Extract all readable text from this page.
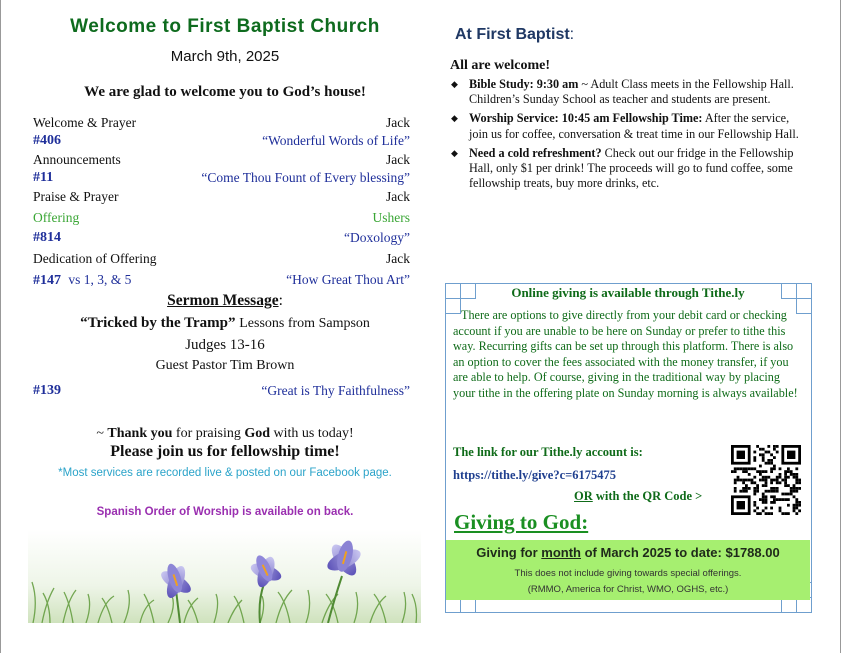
Welcome to First Baptist Church
March 9th, 2025
We are glad to welcome you to God’s house!
Welcome & Prayer	Jack
#406	“Wonderful Words of Life”
Announcements	Jack
#11	“Come Thou Fount of Every blessing”
Praise & Prayer	Jack
Offering	Ushers
#814	“Doxology”
Dedication of Offering	Jack
#147 vs 1, 3, & 5	“How Great Thou Art”
Sermon Message:
“Tricked by the Tramp” Lessons from Sampson
Judges 13-16
Guest Pastor Tim Brown
#139	“Great is Thy Faithfulness”
~ Thank you for praising God with us today!
Please join us for fellowship time!
*Most services are recorded live & posted on our Facebook page.
Spanish Order of Worship is available on back.
At First Baptist:
All are welcome!
◆ Bible Study: 9:30 am ~ Adult Class meets in the Fellowship Hall. Children’s Sunday School as teacher and students are present.
◆ Worship Service: 10:45 am Fellowship Time: After the service, join us for coffee, conversation & treat time in our Fellowship Hall.
◆ Need a cold refreshment? Check out our fridge in the Fellowship Hall, only $1 per drink! The proceeds will go to fund coffee, some fellowship treats, buy more drinks, etc.
Online giving is available through Tithe.ly
There are options to give directly from your debit card or checking account if you are unable to be here on Sunday or prefer to tithe this way. Recurring gifts can be set up through this platform. There is also an option to cover the fees associated with the money transfer, if you are able to help. Of course, giving in the traditional way by placing your tithe in the offering plate on Sunday morning is always available!
The link for our Tithe.ly account is:
https://tithe.ly/give?c=6175475
OR with the QR Code >
Giving to God:
Giving for month of March 2025 to date: $1788.00
This does not include giving towards special offerings.
(RMMO, America for Christ, WMO, OGHS, etc.)
